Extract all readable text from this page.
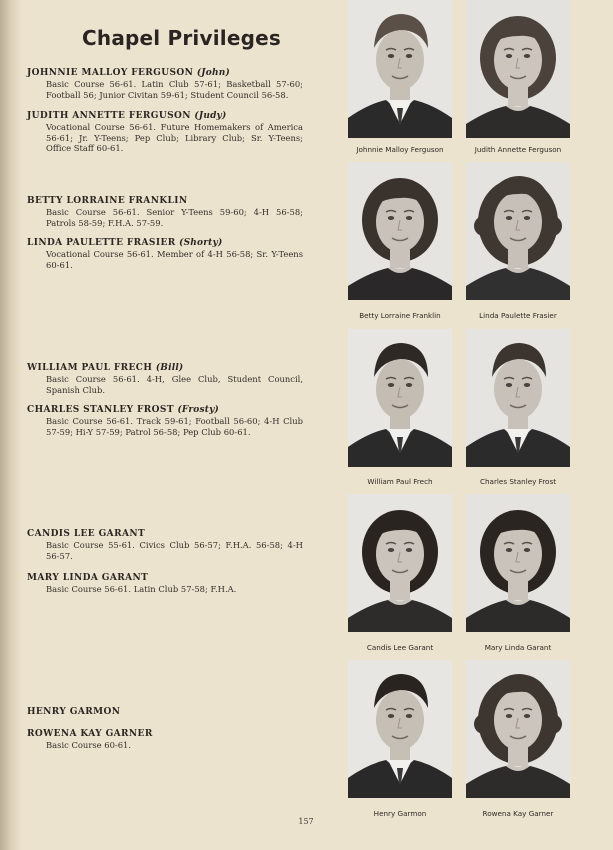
Chapel Privileges
JOHNNIE MALLOY FERGUSON (John)
Basic Course 56-61. Latin Club 57-61; Basketball 57-60; Football 56; Junior Civitan 59-61; Student Council 56-58.
JUDITH ANNETTE FERGUSON (Judy)
Vocational Course 56-61. Future Homemakers of America 56-61; Jr. Y-Teens; Pep Club; Library Club; Sr. Y-Teens; Office Staff 60-61.
BETTY LORRAINE FRANKLIN
Basic Course 56-61. Senior Y-Teens 59-60; 4-H 56-58; Patrols 58-59; F.H.A. 57-59.
LINDA PAULETTE FRASIER (Shorty)
Vocational Course 56-61. Member of 4-H 56-58; Sr. Y-Teens 60-61.
WILLIAM PAUL FRECH (Bill)
Basic Course 56-61. 4-H, Glee Club, Student Council, Spanish Club.
CHARLES STANLEY FROST (Frosty)
Basic Course 56-61. Track 59-61; Football 56-60; 4-H Club 57-59; Hi-Y 57-59; Patrol 56-58; Pep Club 60-61.
CANDIS LEE GARANT
Basic Course 55-61. Civics Club 56-57; F.H.A. 56-58; 4-H 56-57.
MARY LINDA GARANT
Basic Course 56-61. Latin Club 57-58; F.H.A.
HENRY GARMON
ROWENA KAY GARNER
Basic Course 60-61.
Johnnie Malloy Ferguson	Judith Annette Ferguson
Betty Lorraine Franklin	Linda Paulette Frasier
William Paul Frech	Charles Stanley Frost
Candis Lee Garant	Mary Linda Garant
Henry Garmon	Rowena Kay Garner
157
